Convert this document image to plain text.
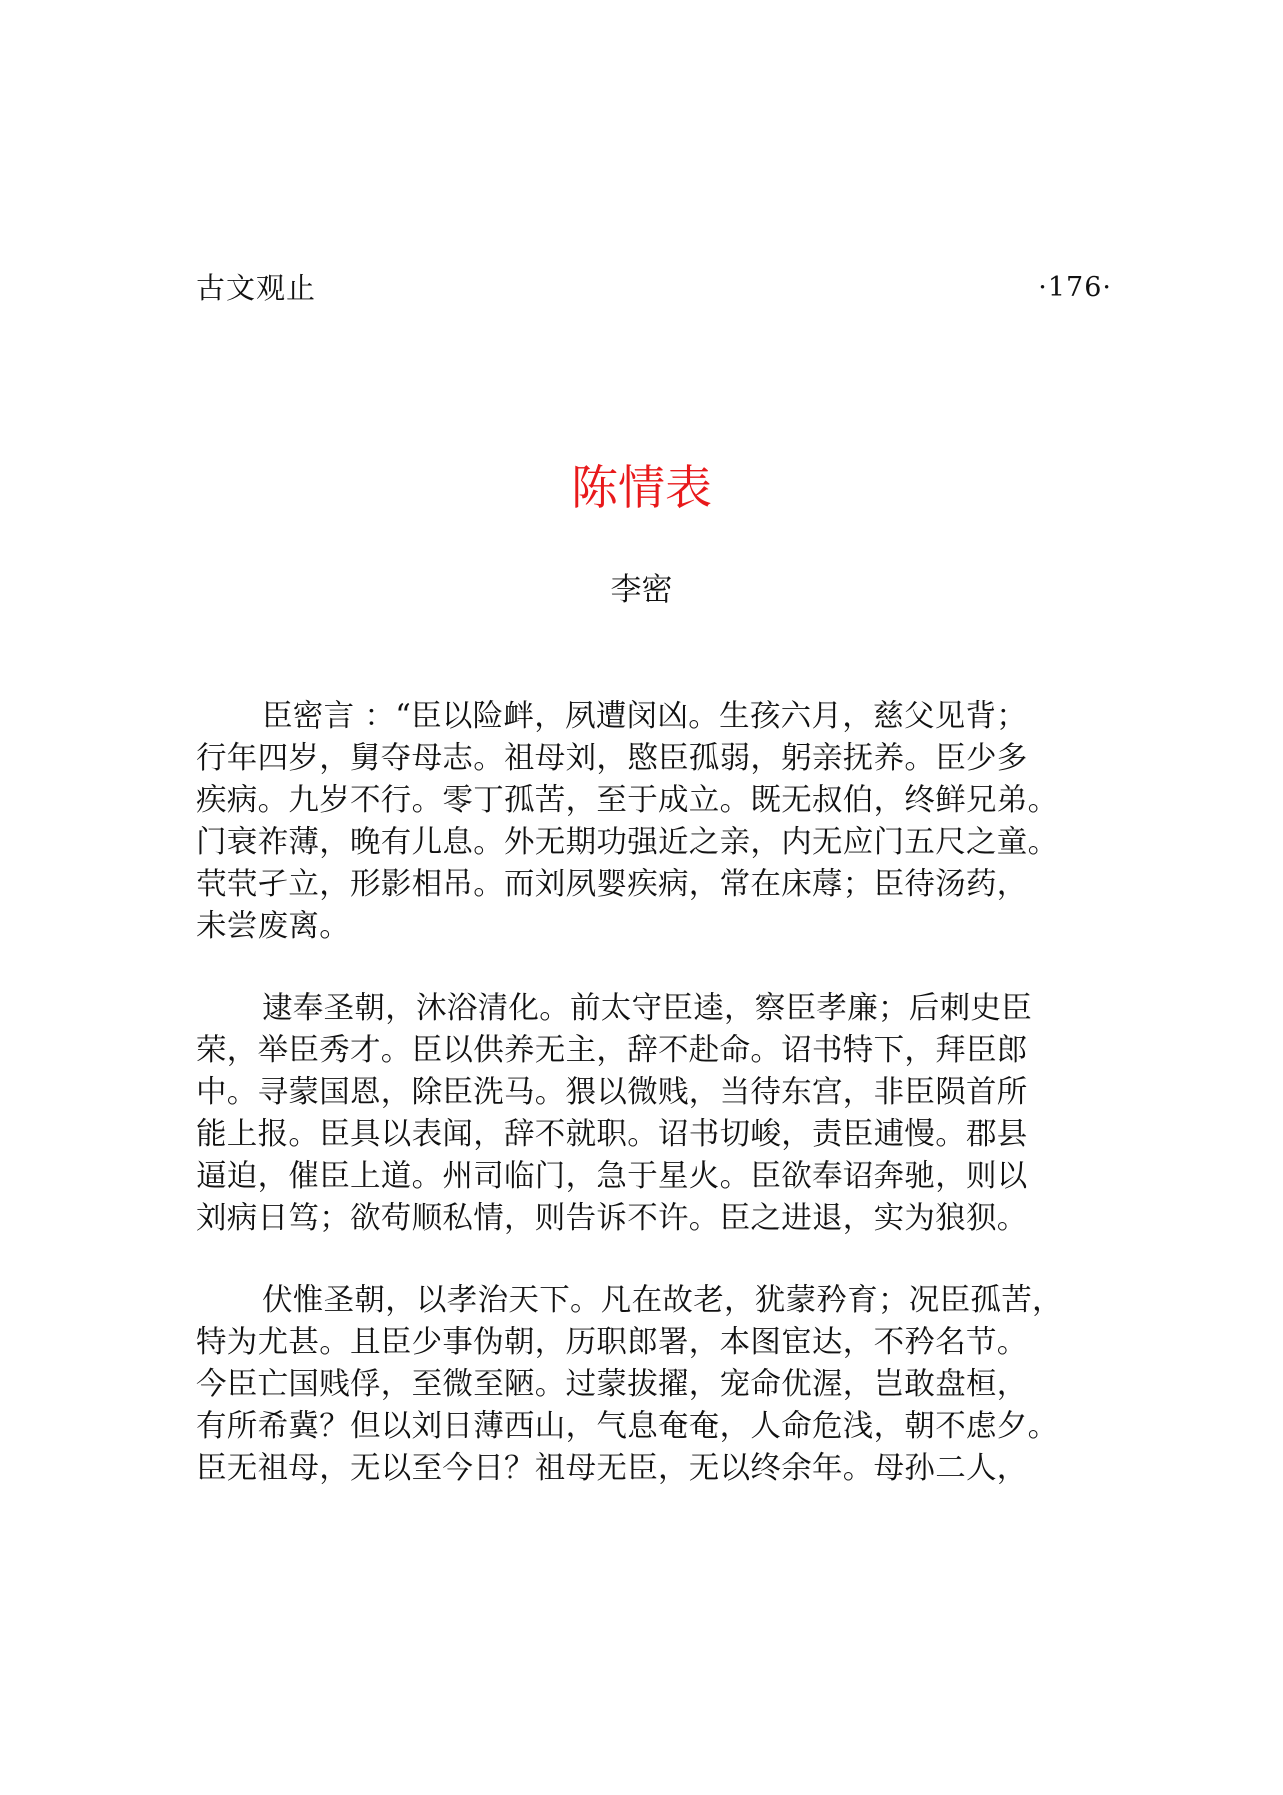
古文观止	·176·
陈情表
李密
臣密言 ：“臣以险衅，夙遭闵凶。生孩六月，慈父见背；
行年四岁，舅夺母志。祖母刘，愍臣孤弱，躬亲抚养。臣少多
疾病。九岁不行。零丁孤苦，至于成立。既无叔伯，终鲜兄弟。
门衰祚薄，晚有儿息。外无期功强近之亲，内无应门五尺之童。
茕茕孑立，形影相吊。而刘夙婴疾病，常在床蓐；臣待汤药，
未尝废离。
逮奉圣朝，沐浴清化。前太守臣逵，察臣孝廉；后刺史臣
荣，举臣秀才。臣以供养无主，辞不赴命。诏书特下，拜臣郎
中。寻蒙国恩，除臣洗马。猥以微贱，当待东宫，非臣陨首所
能上报。臣具以表闻，辞不就职。诏书切峻，责臣逋慢。郡县
逼迫，催臣上道。州司临门，急于星火。臣欲奉诏奔驰，则以
刘病日笃；欲苟顺私情，则告诉不许。臣之进退，实为狼狈。
伏惟圣朝，以孝治天下。凡在故老，犹蒙矜育；况臣孤苦，
特为尤甚。且臣少事伪朝，历职郎署，本图宦达，不矜名节。
今臣亡国贱俘，至微至陋。过蒙拔擢，宠命优渥，岂敢盘桓，
有所希冀？但以刘日薄西山，气息奄奄，人命危浅，朝不虑夕。
臣无祖母，无以至今日？祖母无臣，无以终余年。母孙二人，
